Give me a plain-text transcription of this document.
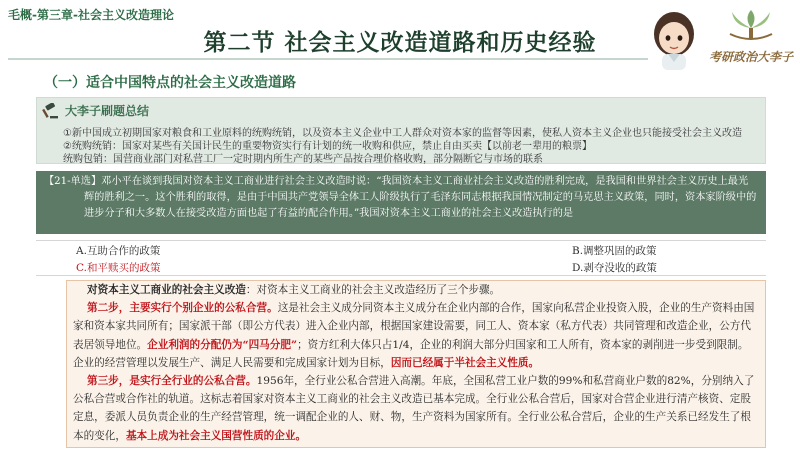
毛概-第三章-社会主义改造理论
第二节 社会主义改造道路和历史经验
考研政治大李子
（一）适合中国特点的社会主义改造道路
大李子刷题总结
①新中国成立初期国家对粮食和工业原料的统购统销，以及资本主义企业中工人群众对资本家的监督等因素，使私人资本主义企业也只能接受社会主义改造
②统购统销：国家对某些有关国计民生的重要物资实行有计划的统一收购和供应，禁止自由买卖【以前老一辈用的粮票】
统购包销：国营商业部门对私营工厂一定时期内所生产的某些产品按合理价格收购，部分隔断它与市场的联系
【21-单选】邓小平在谈到我国对资本主义工商业进行社会主义改造时说：“我国资本主义工商业社会主义改造的胜利完成，是我国和世界社会主义历史上最光辉的胜利之一。这个胜利的取得，是由于中国共产党领导全体工人阶级执行了毛泽东同志根据我国情况制定的马克思主义政策，同时，资本家阶级中的进步分子和大多数人在接受改造方面也起了有益的配合作用。”我国对资本主义工商业的社会主义改造执行的是
A.互助合作的政策	B.调整巩固的政策
C.和平赎买的政策	D.剥夺没收的政策

对资本主义工商业的社会主义改造：对资本主义工商业的社会主义改造经历了三个步骤。

第二步，主要实行个别企业的公私合营。这是社会主义成分同资本主义成分在企业内部的合作，国家向私营企业投资入股，企业的生产资料由国家和资本家共同所有；国家派干部（即公方代表）进入企业内部，根据国家建设需要，同工人、资本家（私方代表）共同管理和改造企业，公方代表居领导地位。企业利润的分配仍为“四马分肥”；资方红利大体只占1/4，企业的利润大部分归国家和工人所有，资本家的剥削进一步受到限制。企业的经营管理以发展生产、满足人民需要和完成国家计划为目标，因而已经属于半社会主义性质。

第三步，是实行全行业的公私合营。1956年，全行业公私合营进入高潮。年底，全国私营工业户数的99%和私营商业户数的82%，分别纳入了公私合营或合作社的轨道。这标志着国家对资本主义工商业的社会主义改造已基本完成。全行业公私合营后，国家对合营企业进行清产核资、定股定息，委派人员负责企业的生产经营管理，统一调配企业的人、财、物，生产资料为国家所有。全行业公私合营后，企业的生产关系已经发生了根本的变化，基本上成为社会主义国营性质的企业。
